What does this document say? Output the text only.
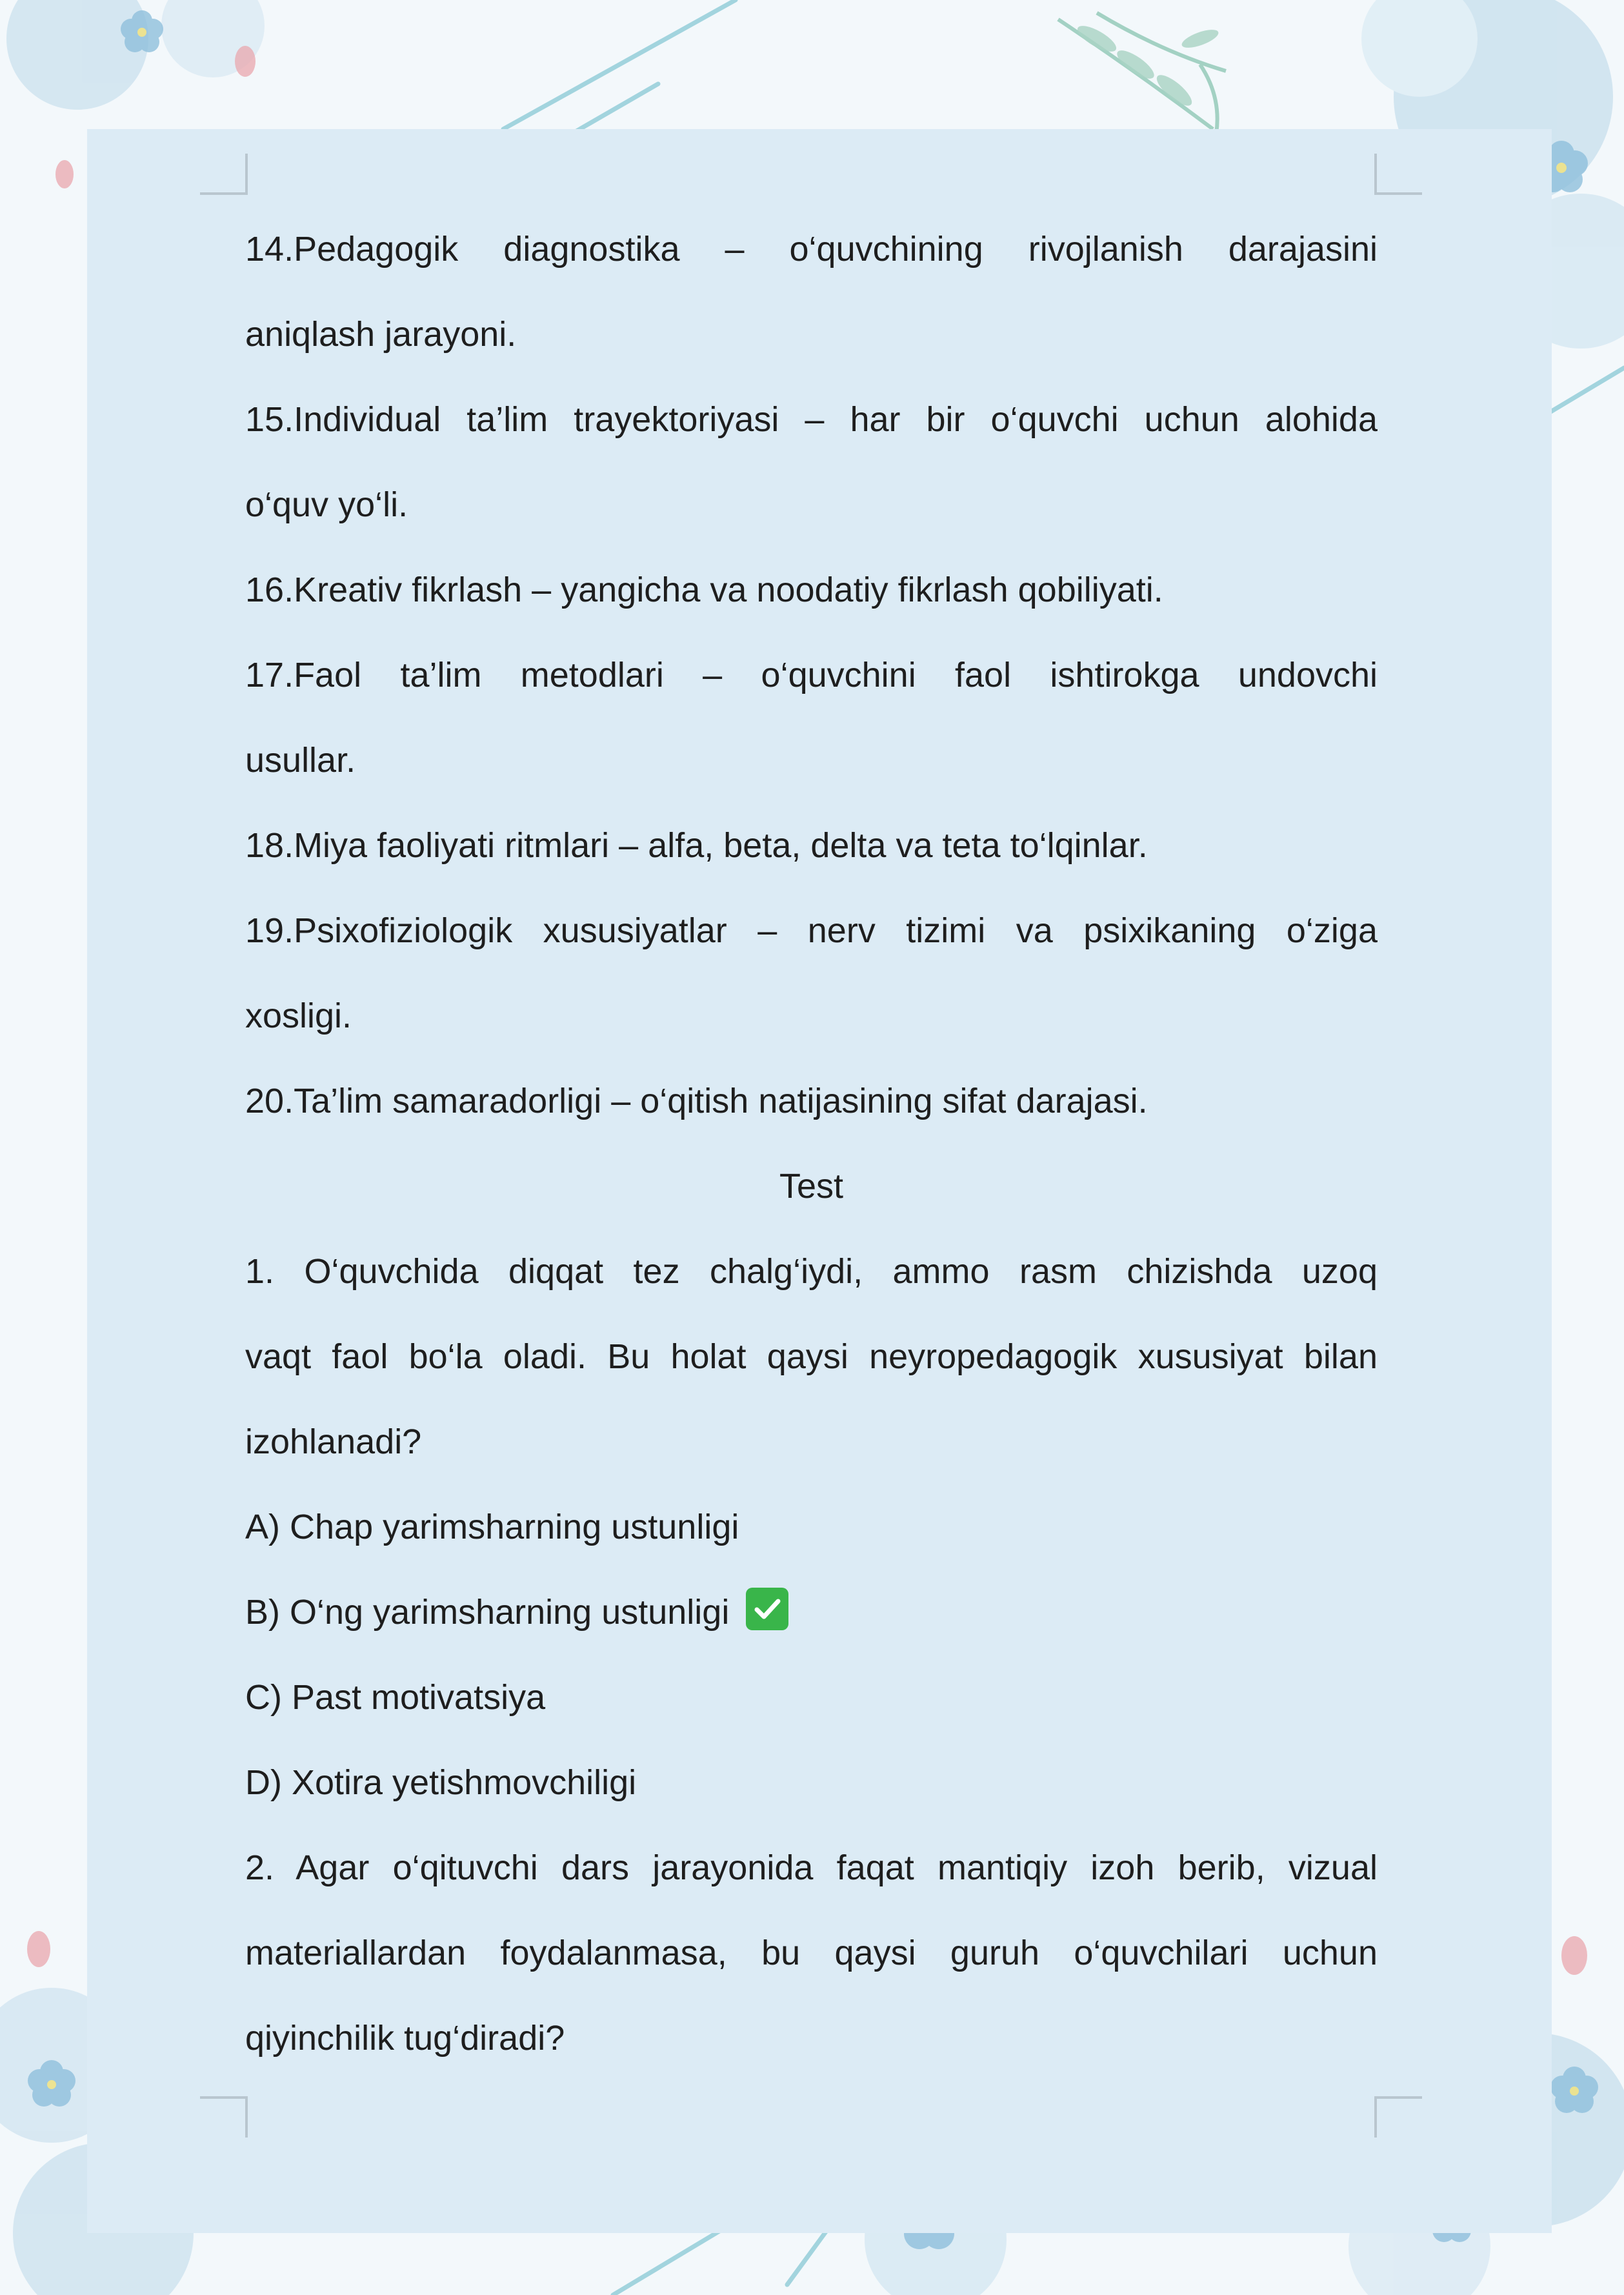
14.Pedagogik diagnostika – o‘quvchining rivojlanish darajasini
aniqlash jarayoni.
15.Individual ta’lim trayektoriyasi – har bir o‘quvchi uchun alohida
o‘quv yo‘li.
16.Kreativ fikrlash – yangicha va noodatiy fikrlash qobiliyati.
17.Faol ta’lim metodlari – o‘quvchini faol ishtirokga undovchi
usullar.
18.Miya faoliyati ritmlari – alfa, beta, delta va teta to‘lqinlar.
19.Psixofiziologik xususiyatlar – nerv tizimi va psixikaning o‘ziga
xosligi.
20.Ta’lim samaradorligi – o‘qitish natijasining sifat darajasi.
Test
1. O‘quvchida diqqat tez chalg‘iydi, ammo rasm chizishda uzoq
vaqt faol bo‘la oladi. Bu holat qaysi neyropedagogik xususiyat bilan
izohlanadi?
A) Chap yarimsharning ustunligi
B) O‘ng yarimsharning ustunligi
C) Past motivatsiya
D) Xotira yetishmovchiligi
2. Agar o‘qituvchi dars jarayonida faqat mantiqiy izoh berib, vizual
materiallardan foydalanmasa, bu qaysi guruh o‘quvchilari uchun
qiyinchilik tug‘diradi?
